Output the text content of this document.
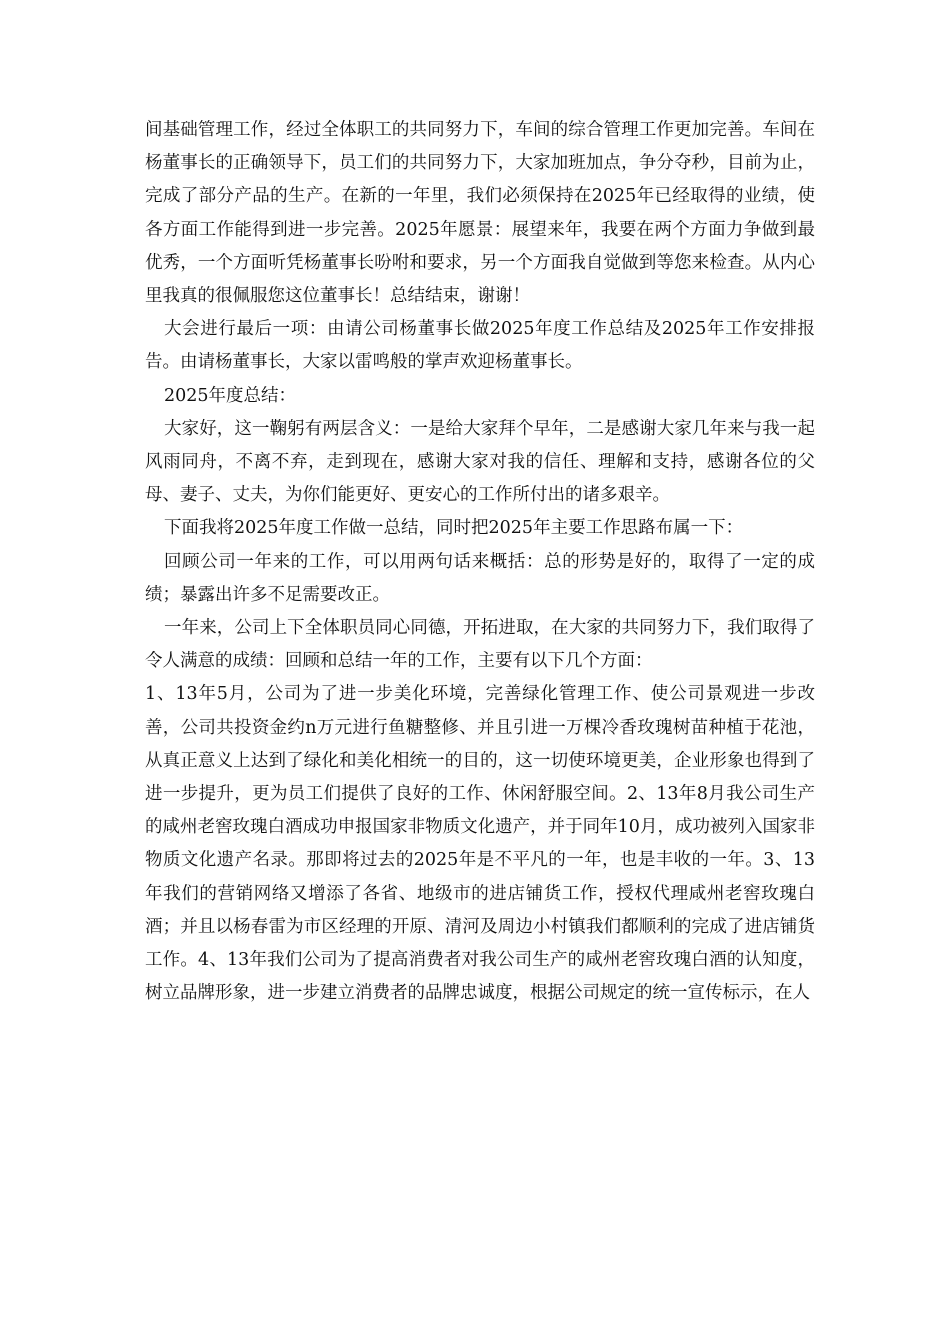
间基础管理工作，经过全体职工的共同努力下，车间的综合管理工作更加完善。车间在杨董事长的正确领导下，员工们的共同努力下，大家加班加点，争分夺秒，目前为止，完成了部分产品的生产。在新的一年里，我们必须保持在2025年已经取得的业绩，使各方面工作能得到进一步完善。2025年愿景：展望来年，我要在两个方面力争做到最优秀，一个方面听凭杨董事长吩咐和要求，另一个方面我自觉做到等您来检查。从内心里我真的很佩服您这位董事长！总结结束，谢谢！

大会进行最后一项：由请公司杨董事长做2025年度工作总结及2025年工作安排报告。由请杨董事长，大家以雷鸣般的掌声欢迎杨董事长。

2025年度总结：

大家好，这一鞠躬有两层含义：一是给大家拜个早年，二是感谢大家几年来与我一起风雨同舟，不离不弃，走到现在，感谢大家对我的信任、理解和支持，感谢各位的父母、妻子、丈夫，为你们能更好、更安心的工作所付出的诸多艰辛。

下面我将2025年度工作做一总结，同时把2025年主要工作思路布属一下：

回顾公司一年来的工作，可以用两句话来概括：总的形势是好的，取得了一定的成绩；暴露出许多不足需要改正。

一年来，公司上下全体职员同心同德，开拓进取，在大家的共同努力下，我们取得了令人满意的成绩：回顾和总结一年的工作，主要有以下几个方面：

1、13年5月，公司为了进一步美化环境，完善绿化管理工作、使公司景观进一步改善，公司共投资金约n万元进行鱼糖整修、并且引进一万棵冷香玫瑰树苗种植于花池，从真正意义上达到了绿化和美化相统一的目的，这一切使环境更美，企业形象也得到了进一步提升，更为员工们提供了良好的工作、休闲舒服空间。2、13年8月我公司生产的咸州老窖玫瑰白酒成功申报国家非物质文化遗产，并于同年10月，成功被列入国家非物质文化遗产名录。那即将过去的2025年是不平凡的一年，也是丰收的一年。3、13年我们的营销网络又增添了各省、地级市的进店铺货工作，授权代理咸州老窖玫瑰白酒；并且以杨春雷为市区经理的开原、清河及周边小村镇我们都顺利的完成了进店铺货工作。4、13年我们公司为了提高消费者对我公司生产的咸州老窖玫瑰白酒的认知度，树立品牌形象，进一步建立消费者的品牌忠诚度，根据公司规定的统一宣传标示，在人
